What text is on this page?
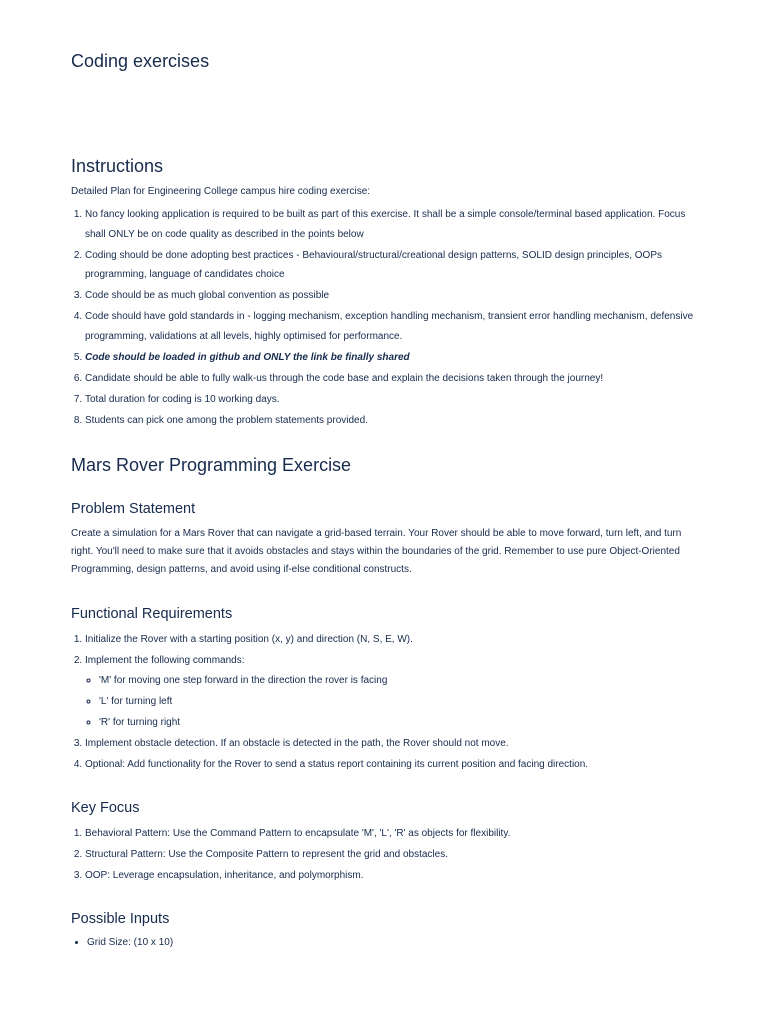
Coding exercises
Instructions

Detailed Plan for Engineering College campus hire coding exercise:

1. No fancy looking application is required to be built as part of this exercise. It shall be a simple console/terminal based application. Focus shall ONLY be on code quality as described in the points below
2. Coding should be done adopting best practices - Behavioural/structural/creational design patterns, SOLID design principles, OOPs programming, language of candidates choice
3. Code should be as much global convention as possible
4. Code should have gold standards in - logging mechanism, exception handling mechanism, transient error handling mechanism, defensive programming, validations at all levels, highly optimised for performance.
5. Code should be loaded in github and ONLY the link be finally shared
6. Candidate should be able to fully walk-us through the code base and explain the decisions taken through the journey!
7. Total duration for coding is 10 working days.
8. Students can pick one among the problem statements provided.
Mars Rover Programming Exercise
Problem Statement

Create a simulation for a Mars Rover that can navigate a grid-based terrain. Your Rover should be able to move forward, turn left, and turn right. You'll need to make sure that it avoids obstacles and stays within the boundaries of the grid. Remember to use pure Object-Oriented Programming, design patterns, and avoid using if-else conditional constructs.

Functional Requirements
1. Initialize the Rover with a starting position (x, y) and direction (N, S, E, W).
2. Implement the following commands:
◦ 'M' for moving one step forward in the direction the rover is facing
◦ 'L' for turning left
◦ 'R' for turning right
3. Implement obstacle detection. If an obstacle is detected in the path, the Rover should not move.
4. Optional: Add functionality for the Rover to send a status report containing its current position and facing direction.
Key Focus
1. Behavioral Pattern: Use the Command Pattern to encapsulate 'M', 'L', 'R' as objects for flexibility.
2. Structural Pattern: Use the Composite Pattern to represent the grid and obstacles.
3. OOP: Leverage encapsulation, inheritance, and polymorphism.
Possible Inputs
• Grid Size: (10 x 10)
